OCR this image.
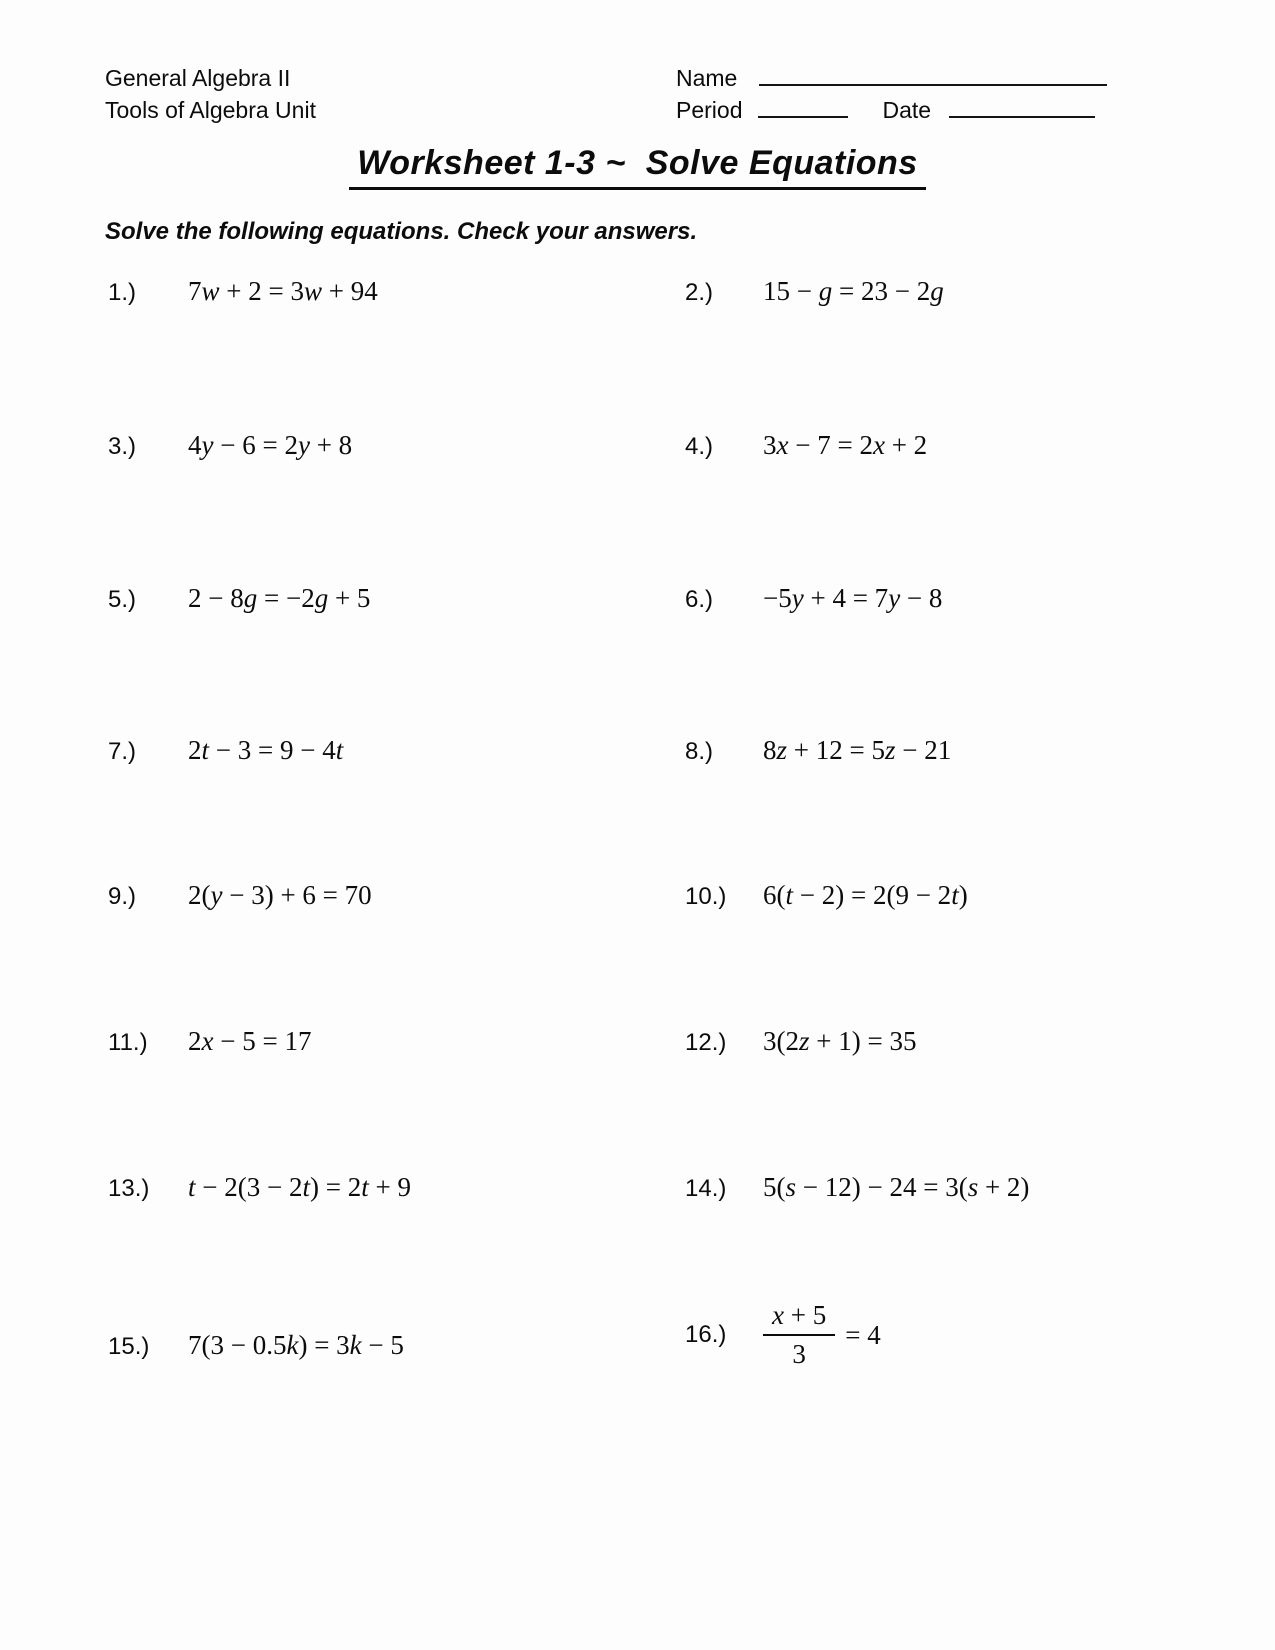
General Algebra II
Tools of Algebra Unit
Name
Period	Date
Worksheet 1-3 ~  Solve Equations
Solve the following equations. Check your answers.
1.)	7w + 2 = 3w + 94	2.)	15 − g = 23 − 2g
3.)	4y − 6 = 2y + 8	4.)	3x − 7 = 2x + 2
5.)	2 − 8g = −2g + 5	6.)	−5y + 4 = 7y − 8
7.)	2t − 3 = 9 − 4t	8.)	8z + 12 = 5z − 21
9.)	2(y − 3) + 6 = 70	10.)	6(t − 2) = 2(9 − 2t)
11.)	2x − 5 = 17	12.)	3(2z + 1) = 35
13.)	t − 2(3 − 2t) = 2t + 9	14.)	5(s − 12) − 24 = 3(s + 2)
15.)	7(3 − 0.5k) = 3k − 5	16.)	$\frac{x + 5}{3} = 4$
